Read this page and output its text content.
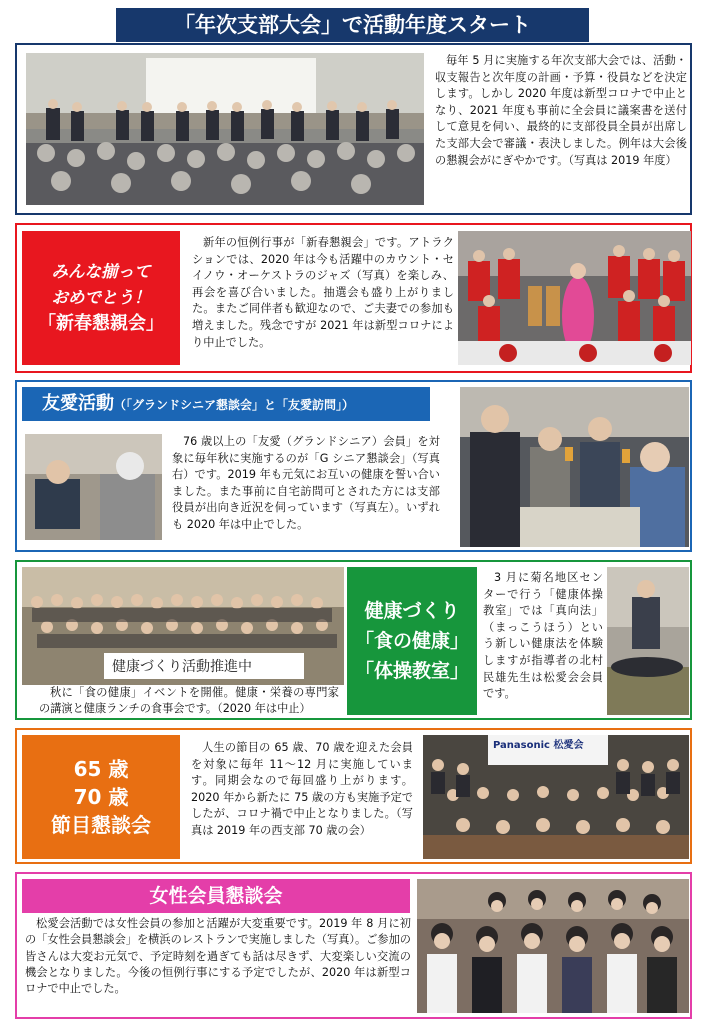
「年次支部大会」で活動年度スタート
毎年 5 月に実施する年次支部大会では、活動・収支報告と次年度の計画・予算・役員などを決定します。しかし 2020 年度は新型コロナで中止となり、2021 年度も事前に全会員に議案書を送付して意見を伺い、最終的に支部役員全員が出席した支部大会で審議・表決しました。例年は大会後の懇親会がにぎやかです。（写真は 2019 年度）
みんな揃って
おめでとう！
「新春懇親会」
新年の恒例行事が「新春懇親会」です。アトラクションでは、2020 年は今も活躍中のカウント・セイノウ・オーケストラのジャズ（写真）を楽しみ、再会を喜び合いました。抽選会も盛り上がりました。またご同伴者も歓迎なので、ご夫妻での参加も増えました。残念ですが 2021 年は新型コロナにより中止でした。
友愛活動（「グランドシニア懇談会」と「友愛訪問」）
76 歳以上の「友愛（グランドシニア）会員」を対象に毎年秋に実施するのが「G シニア懇談会」（写真右）です。2019 年も元気にお互いの健康を誓い合いました。また事前に自宅訪問可とされた方には支部役員が出向き近況を伺っています（写真左）。いずれも 2020 年は中止でした。
健康づくり活動推進中
秋に「食の健康」イベントを開催。健康・栄養の専門家の講演と健康ランチの食事会です。（2020 年は中止）
健康づくり
「食の健康」
「体操教室」
3 月に菊名地区センターで行う「健康体操教室」では「真向法」（まっこうほう）という新しい健康法を体験しますが指導者の北村民雄先生は松愛会会員です。
65 歳
70 歳
節目懇談会
人生の節目の 65 歳、70 歳を迎えた会員を対象に毎年 11～12 月に実施しています。同期会なので毎回盛り上がります。2020 年から新たに 75 歳の方も実施予定でしたが、コロナ禍で中止となりました。（写真は 2019 年の西支部 70 歳の会）
Panasonic 松愛会
女性会員懇談会
松愛会活動では女性会員の参加と活躍が大変重要です。2019 年 8 月に初の「女性会員懇談会」を横浜のレストランで実施しました（写真）。ご参加の皆さんは大変お元気で、予定時刻を過ぎても話は尽きず、大変楽しい交流の機会となりました。今後の恒例行事にする予定でしたが、2020 年は新型コロナで中止でした。
